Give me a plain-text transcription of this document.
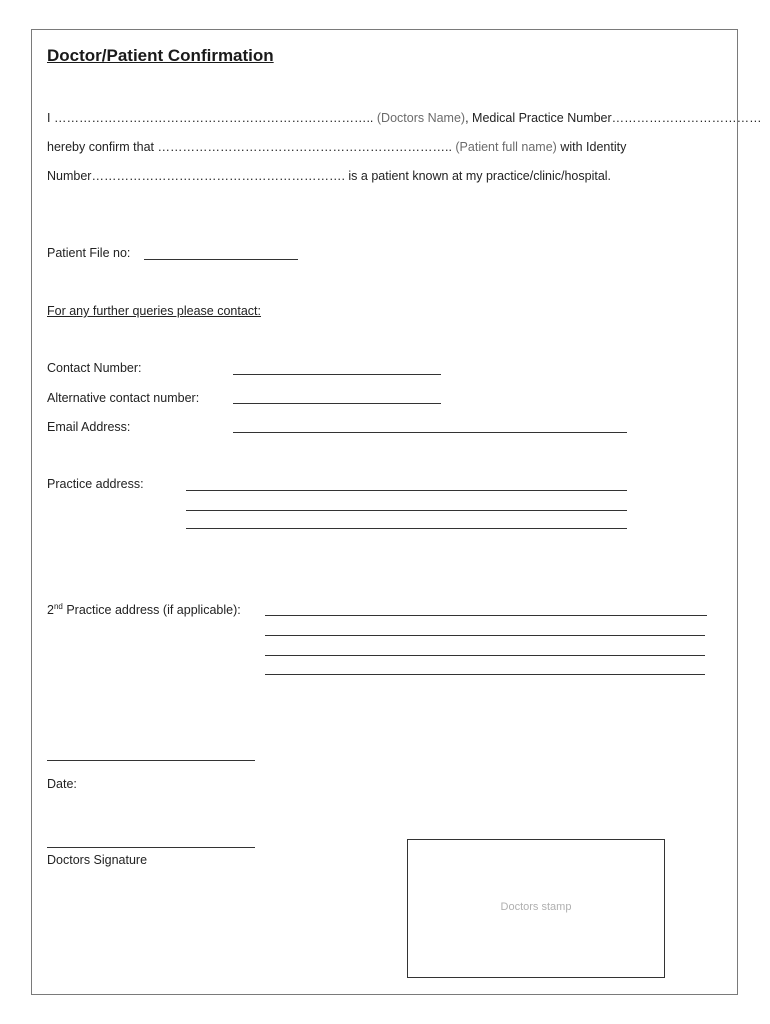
Doctor/Patient Confirmation
I ………………………………………………………………….. (Doctors Name), Medical Practice Number………………………………
hereby confirm that …………………………………………………………….. (Patient full name) with Identity
Number……………………………………………………. is a patient known at my practice/clinic/hospital.
Patient File no:
For any further queries please contact:
Contact Number:
Alternative contact number:
Email Address:
Practice address:
2nd Practice address (if applicable):
Date:
Doctors Signature
Doctors stamp
